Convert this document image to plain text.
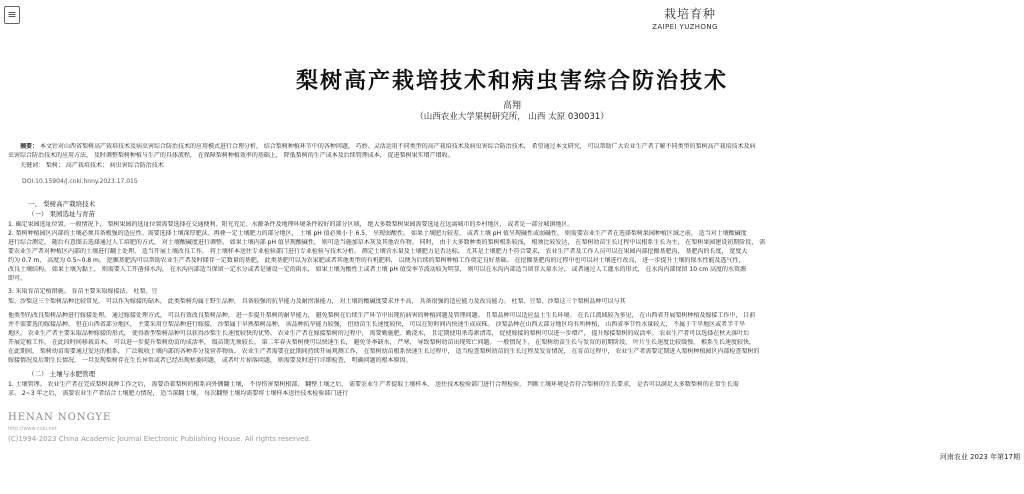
≡	栽培育种
ZAIPEI YUZHONG
梨树高产栽培技术和病虫害综合防治技术
高翔
（山西农业大学果树研究所， 山西 太原 030031）
摘要： 本文针对山西省梨树高产栽培技术及病虫害综合防治技术的应用模式进行合理分析， 结合梨树种植环节中的各种问题， 巧妙、灵活运用不同类型的高产栽培技术及病虫害综合防治技术， 希望通过本文研究， 可以帮助广大农业生产者了解不同类型的梨树高产栽培技术及病
虫害综合防治技术的应用方法， 及时调整梨树种植与生产的具体流程， 在保障梨树种植效率的基础上， 降低梨树的生产成本及后续管理成本， 促进梨树果实增产增收。
关键词： 梨树； 高产栽培技术； 病虫害综合防治技术
DOI:10.15904/j.cnki.hnny.2023.17.015
一、 梨树高产栽培技术
（一） 果园选址与育苗
1. 确定果园选址位置。一般情况下， 梨树果园的选址位置需要选择在交通便利、阳光充足、水源条件及地理环境条件较好的部分区域， 绝大多数梨树果园需要选址在远离城市的乡村地区， 或者是一部分城镇地区。
2. 梨树种植园区内部的土壤必须具备极强的适应性。需要选择土壤深厚肥沃、再叠一定土壤肥力的部分地区， 土壤 pH 值必须小于 6.5， 呈现弱酸性。 如果土壤肥力较差， 或者土壤 pH 值呈现碱性或弱碱性， 则需要农业生产者在选择梨树果园种植区域之前， 适当对土壤酸碱度
进行综合测定， 随后有意图去选择通过人工培肥的方式， 对土壤酸碱度进行调整。 如果土壤内部 pH 值呈现酸碱性， 则可适当施加草木灰及其他农作物。 同时， 由于大多数种类的梨树根系较浅， 根须比较发达， 在梨树幼苗生长过程中以根系生长为主， 在梨树果园建设初期阶段， 需
要农业生产者对种植区内部的土壤进行翻土处理， 适当开展土壤改良工作， 将土壤样本送往专业检验部门进行专业检验与技术分析。 测定土壤含水量及土壤肥力是否达标， 尤其是土壤肥力不符合要求， 农业生产者及工作人员可以在果园内部挖掘基肥沟， 基肥沟的长度， 宽度大
约为 0.7 m， 高度为 0.5~0.8 m。 挖掘基肥沟可以帮助农业生产者及时储存一定数量的基肥， 此类基肥可以为农家肥或者其他类型的有机肥料， 以便为后续的梨树种植工作奠定良好基础。 在挖掘基肥沟的过程中也可以对土壤进行改良， 进一步提升土壤的保水性能及透气性，
改良土壤结构。 如果土壤为黏土， 则需要人工开凿排水沟， 在水沟内部适当保留一定水分或者是铺设一定的雨水， 如果土壤为酸性土或者土壤 pH 值受季节波动较为明显， 则可以在水沟内部适当留存大量水分， 或者通过人工灌水的形式， 在水沟内部保留 10 cm 高度的水资源
即可。
3. 采取育苗定植措施。 育苗主要采取嫁接法。 杜梨、豆
梨、沙梨这三个梨树品种比较常见， 可以作为嫁接的砧木， 此类梨树均属于野生品种， 具备较强的抗旱能力及耐涝湿能力， 对土壤的酸碱度要求并不高， 具备很强的适应能力及改良能力。 杜梨、豆梨、沙梨这三个梨树品种可以与其
他类型的改良梨树品种进行嫁接处理。 通过嫁接处理方式， 可以有效改良梨树品种， 进一步提升梨树的耐旱能力， 避免梨树在后续生产环节中出现抗病害的种植问题及管理问题。 且梨品种可以适应益土生长环境。 在长江流域较为多见， 在山西省开展梨树种植及嫁接工作中， 目前
并不需要选的嫁接品种， 但在山西省部分地区， 主要采用豆梨品种进行嫁接， 沙梨属于早熟梨树品种， 该品种抗旱能力较强， 但幼苗生长速度较快， 可以在短时间内快速生成成株。 沙梨品种在山西大部分地区均有所种植， 山西省季节性水量较大， 不属于干旱地区或者半干旱
地区。 农业生产者主要采取品种嫁接的形式， 使得新型梨树品种可以获得沙梨生长速度较快的优势。 农业生产者在嫁接梨树的过程中， 需要勤施肥、勤浇水， 且定期使用杀毒素清毒， 促使嫁接的梨树可以进一步增产， 提升嫁接梨树的成活率。 农业生产者可以选择在秋天落叶后
开展定植工作， 在此段时间移栽苗木， 可以进一步提升梨树幼苗的成活率， 缓苗期无须较长。 第二年春天梨树便可以快速生长， 避免冬季缺水， 严寒， 导致梨树幼苗出现死亡问题。 一般情况下， 在梨树幼苗生长与发育的初期阶段， 叶片生长速度比较缓慢， 根系生长速度较快，
在此期间， 梨树幼苗需要通过发达的根系， 广泛吸收土壤内部的各种养分及营养物质。 农业生产者需要在此期间持续开展观测工作， 在梨树幼苗根系快速生长过程中， 适当检查梨树幼苗的生长过程及发育情况， 在育苗过程中， 农业生产者需要定期进入梨树种植园区内部检查梨树的
嫁接情况及后期生长情况， 一旦发现梨树存在生长异常或者已经出现枯萎问题， 或者叶片掉落问题， 则需要及时进行详细检查， 明确问题的根本原因。
（二） 土壤与水肥管理
1. 土壤管理。 农业生产者在完成梨树栽种工作之后， 需要沿着梨树的根系向外侧翻土壤， 不得伤害梨树根部。 翻整土壤之后， 需要农业生产者提取土壤样本， 送往技术检验部门进行合理检验， 判断土壤环境是否符合梨树的生长要求， 是否可以满足大多数梨树的正常生长需
求。 2~3 年之后， 需要农业生产者结合土壤肥力情况， 适当深翻土壤， 每次翻整土壤均需要将土壤样本送往技术检验部门进行
HENAN NONGYE
http://www.cnki.net
(C)1994-2023 China Academic Journal Electronic Publishing House. All rights reserved.
河南农业 2023 年第17期
